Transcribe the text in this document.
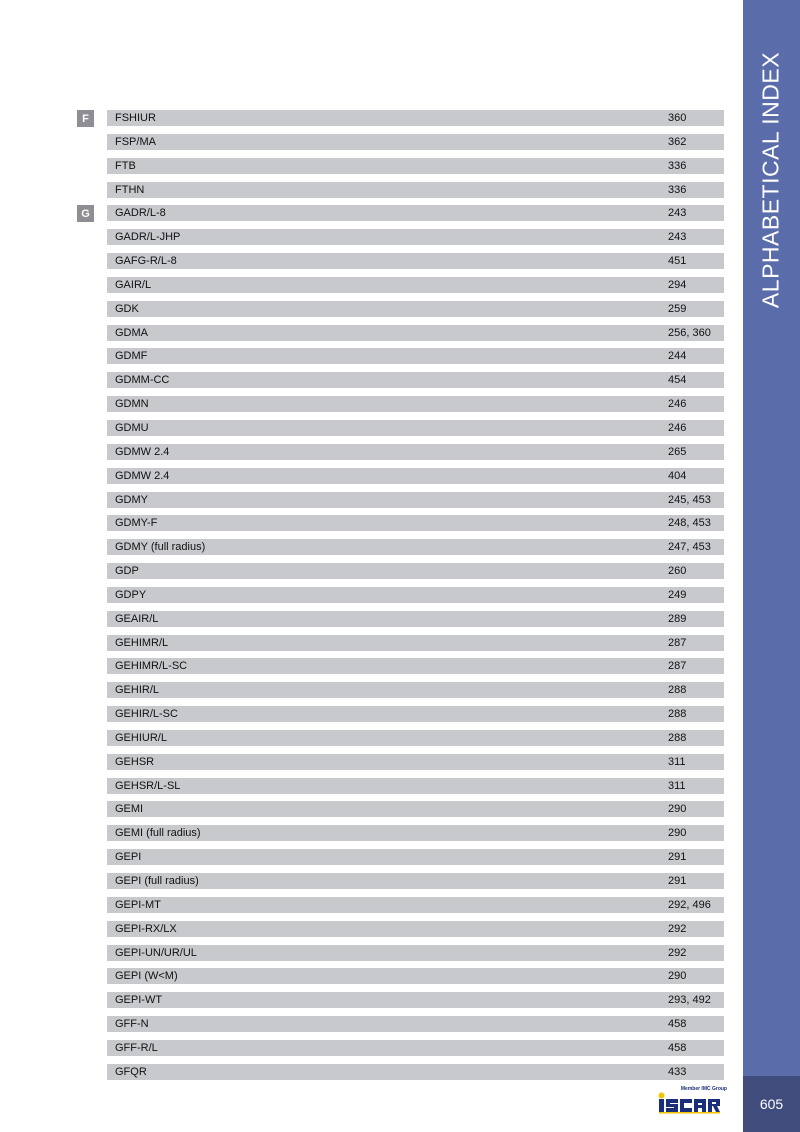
ALPHABETICAL INDEX
605
F
G
FSHIUR	360
FSP/MA	362
FTB	336
FTHN	336
GADR/L-8	243
GADR/L-JHP	243
GAFG-R/L-8	451
GAIR/L	294
GDK	259
GDMA	256, 360
GDMF	244
GDMM-CC	454
GDMN	246
GDMU	246
GDMW 2.4	265
GDMW 2.4	404
GDMY	245, 453
GDMY-F	248, 453
GDMY (full radius)	247, 453
GDP	260
GDPY	249
GEAIR/L	289
GEHIMR/L	287
GEHIMR/L-SC	287
GEHIR/L	288
GEHIR/L-SC	288
GEHIUR/L	288
GEHSR	311
GEHSR/L-SL	311
GEMI	290
GEMI (full radius)	290
GEPI	291
GEPI (full radius)	291
GEPI-MT	292, 496
GEPI-RX/LX	292
GEPI-UN/UR/UL	292
GEPI (W<M)	290
GEPI-WT	293, 492
GFF-N	458
GFF-R/L	458
GFQR	433
Member IMC Group
